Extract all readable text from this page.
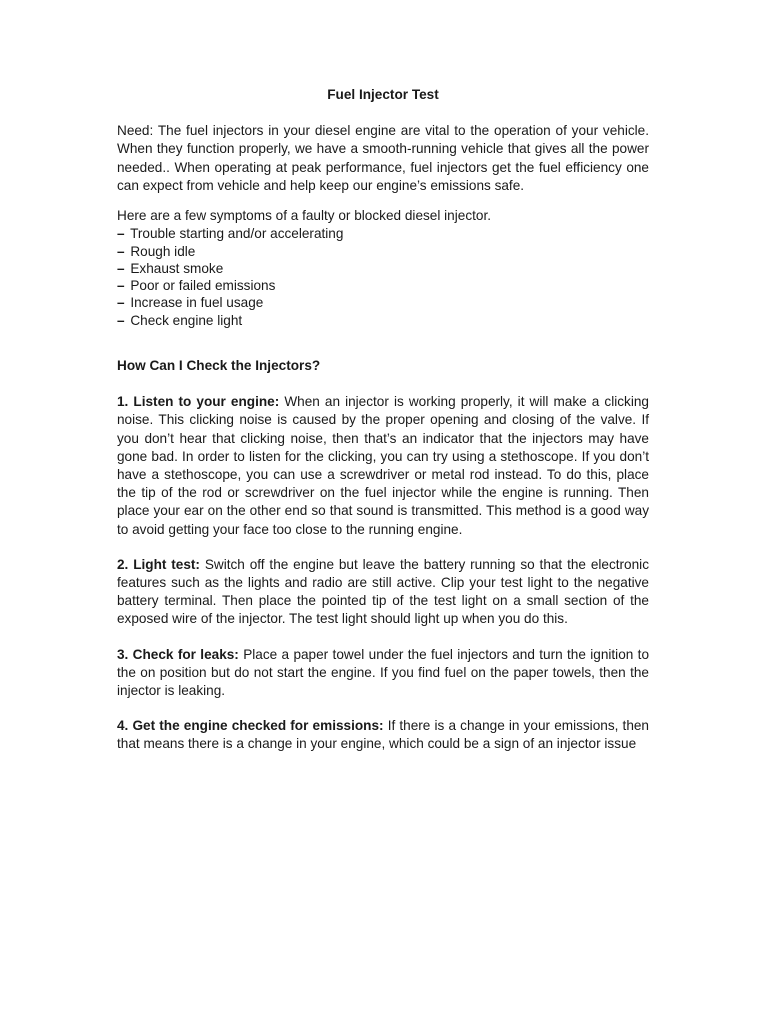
Fuel Injector Test

Need: The fuel injectors in your diesel engine are vital to the operation of your vehicle. When they function properly, we have a smooth-running vehicle that gives all the power needed.. When operating at peak performance, fuel injectors get the fuel efficiency one can expect from vehicle and help keep our engine’s emissions safe.

Here are a few symptoms of a faulty or blocked diesel injector.

– Trouble starting and/or accelerating
– Rough idle
– Exhaust smoke
– Poor or failed emissions
– Increase in fuel usage
– Check engine light
How Can I Check the Injectors?

1. Listen to your engine: When an injector is working properly, it will make a clicking noise. This clicking noise is caused by the proper opening and closing of the valve. If you don’t hear that clicking noise, then that’s an indicator that the injectors may have gone bad. In order to listen for the clicking, you can try using a stethoscope. If you don’t have a stethoscope, you can use a screwdriver or metal rod instead. To do this, place the tip of the rod or screwdriver on the fuel injector while the engine is running. Then place your ear on the other end so that sound is transmitted. This method is a good way to avoid getting your face too close to the running engine.

2. Light test: Switch off the engine but leave the battery running so that the electronic features such as the lights and radio are still active. Clip your test light to the negative battery terminal. Then place the pointed tip of the test light on a small section of the exposed wire of the injector. The test light should light up when you do this.

3. Check for leaks: Place a paper towel under the fuel injectors and turn the ignition to the on position but do not start the engine. If you find fuel on the paper towels, then the injector is leaking.

4. Get the engine checked for emissions: If there is a change in your emissions, then that means there is a change in your engine, which could be a sign of an injector issue
